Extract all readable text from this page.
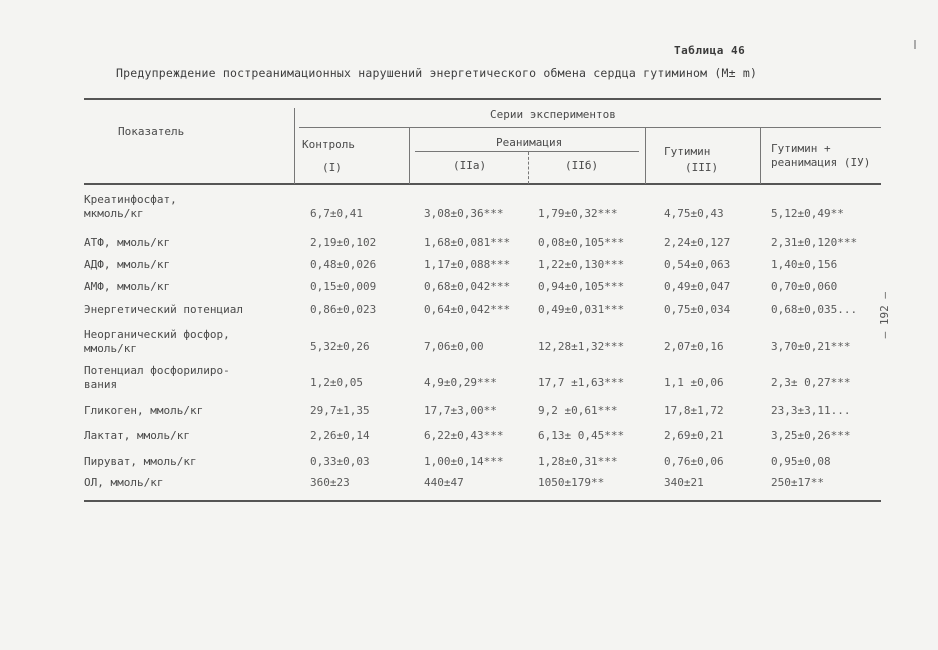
Таблица 46
Предупреждение постреанимационных нарушений энергетического обмена сердца гутимином (M± m)
Показатель
Серии экспериментов
Контроль
(I)
Реанимация
(IIа)	(IIб)
Гутимин
(III)
Гутимин +
реанимация (IУ)
Креатинфосфат,
мкмоль/кг	6,7±0,41	3,08±0,36***	1,79±0,32***	4,75±0,43	5,12±0,49**
АТФ, ммоль/кг	2,19±0,102	1,68±0,081***	0,08±0,105***	2,24±0,127	2,31±0,120***
АДФ, ммоль/кг	0,48±0,026	1,17±0,088***	1,22±0,130***	0,54±0,063	1,40±0,156
АМФ, ммоль/кг	0,15±0,009	0,68±0,042***	0,94±0,105***	0,49±0,047	0,70±0,060
Энергетический потенциал	0,86±0,023	0,64±0,042***	0,49±0,031***	0,75±0,034	0,68±0,035...
Неорганический фосфор,
ммоль/кг	5,32±0,26	7,06±0,00	12,28±1,32***	2,07±0,16	3,70±0,21***
Потенциал фосфорилиро-
вания	1,2±0,05	4,9±0,29***	17,7 ±1,63***	1,1 ±0,06	2,3± 0,27***
Гликоген, ммоль/кг	29,7±1,35	17,7±3,00**	9,2 ±0,61***	17,8±1,72	23,3±3,11...
Лактат, ммоль/кг	2,26±0,14	6,22±0,43***	6,13± 0,45***	2,69±0,21	3,25±0,26***
Пируват, ммоль/кг	0,33±0,03	1,00±0,14***	1,28±0,31***	0,76±0,06	0,95±0,08
ОЛ, ммоль/кг	360±23	440±47	1050±179**	340±21	250±17**
– 192 –
